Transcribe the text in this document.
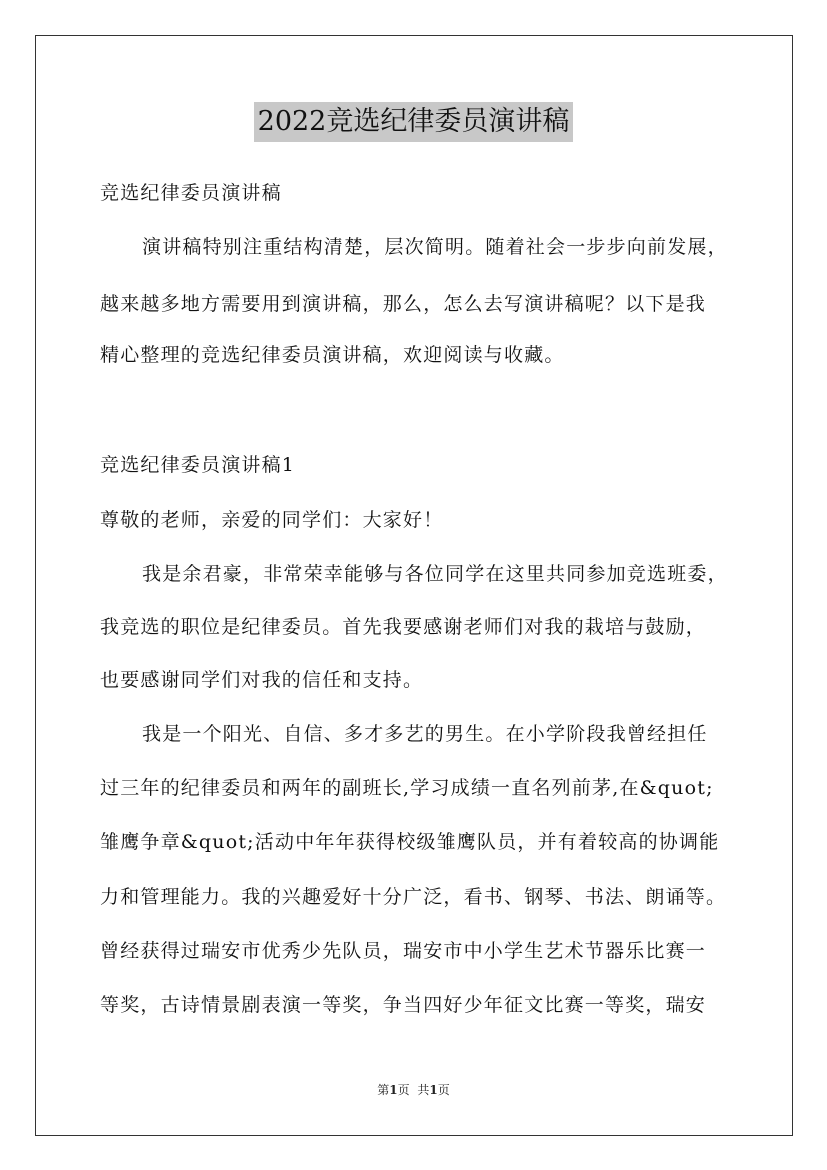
2022竞选纪律委员演讲稿
竞选纪律委员演讲稿
演讲稿特别注重结构清楚，层次简明。随着社会一步步向前发展，
越来越多地方需要用到演讲稿，那么，怎么去写演讲稿呢？以下是我
精心整理的竞选纪律委员演讲稿，欢迎阅读与收藏。
竞选纪律委员演讲稿1
尊敬的老师，亲爱的同学们：大家好！
我是余君豪，非常荣幸能够与各位同学在这里共同参加竞选班委，
我竞选的职位是纪律委员。首先我要感谢老师们对我的栽培与鼓励，
也要感谢同学们对我的信任和支持。
我是一个阳光、自信、多才多艺的男生。在小学阶段我曾经担任
过三年的纪律委员和两年的副班长,学习成绩一直名列前茅,在&quot;
雏鹰争章&quot;活动中年年获得校级雏鹰队员，并有着较高的协调能
力和管理能力。我的兴趣爱好十分广泛，看书、钢琴、书法、朗诵等。
曾经获得过瑞安市优秀少先队员，瑞安市中小学生艺术节器乐比赛一
等奖，古诗情景剧表演一等奖，争当四好少年征文比赛一等奖，瑞安
第1页 共1页
